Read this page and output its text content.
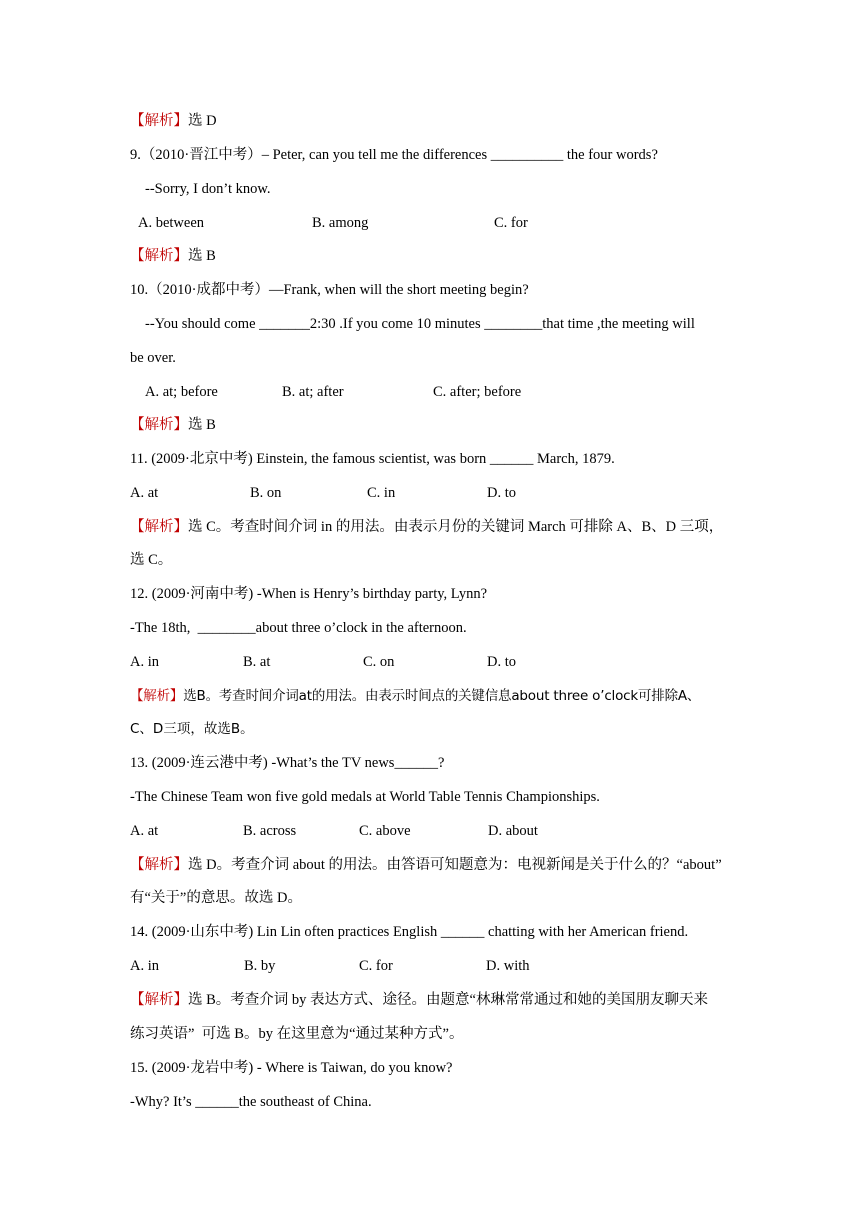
【解析】选 D
9.（2010·晋江中考）– Peter, can you tell me the differences __________ the four words?
--Sorry, I don’t know.

A. between

	B. among

	C. for

【解析】选 B
10.（2010·成都中考）—Frank, when will the short meeting begin?
--You should come _______2:30 .If you come 10 minutes ________that time ,the meeting will
be over.

A. at; before

	B. at; after

	C. after; before

【解析】选 B
11. (2009·北京中考) Einstein, the famous scientist, was born ______ March, 1879.

A. at

	B. on

	C. in

	D. to

【解析】选 C。考查时间介词 in 的用法。由表示月份的关键词 March 可排除 A、B、D 三项，
选 C。
12. (2009·河南中考) -When is Henry’s birthday party, Lynn?
-The 18th,  ________about three o’clock in the afternoon.

A. in

	B. at

	C. on

	D. to

【解析】选B。考查时间介词at的用法。由表示时间点的关键信息about three o’clock可排除A、
C、D三项，故选B。
13. (2009·连云港中考) -What’s the TV news______?
-The Chinese Team won five gold medals at World Table Tennis Championships.

A. at

	B. across

	C. above

	D. about

【解析】选 D。考查介词 about 的用法。由答语可知题意为：电视新闻是关于什么的？“about”
有“关于”的意思。故选 D。
14. (2009·山东中考) Lin Lin often practices English ______ chatting with her American friend.

A. in

	B. by

	C. for

	D. with

【解析】选 B。考查介词 by 表达方式、途径。由题意“林琳常常通过和她的美国朋友聊天来
练习英语”  可选 B。by 在这里意为“通过某种方式”。
15. (2009·龙岩中考) - Where is Taiwan, do you know?
-Why? It’s ______the southeast of China.
